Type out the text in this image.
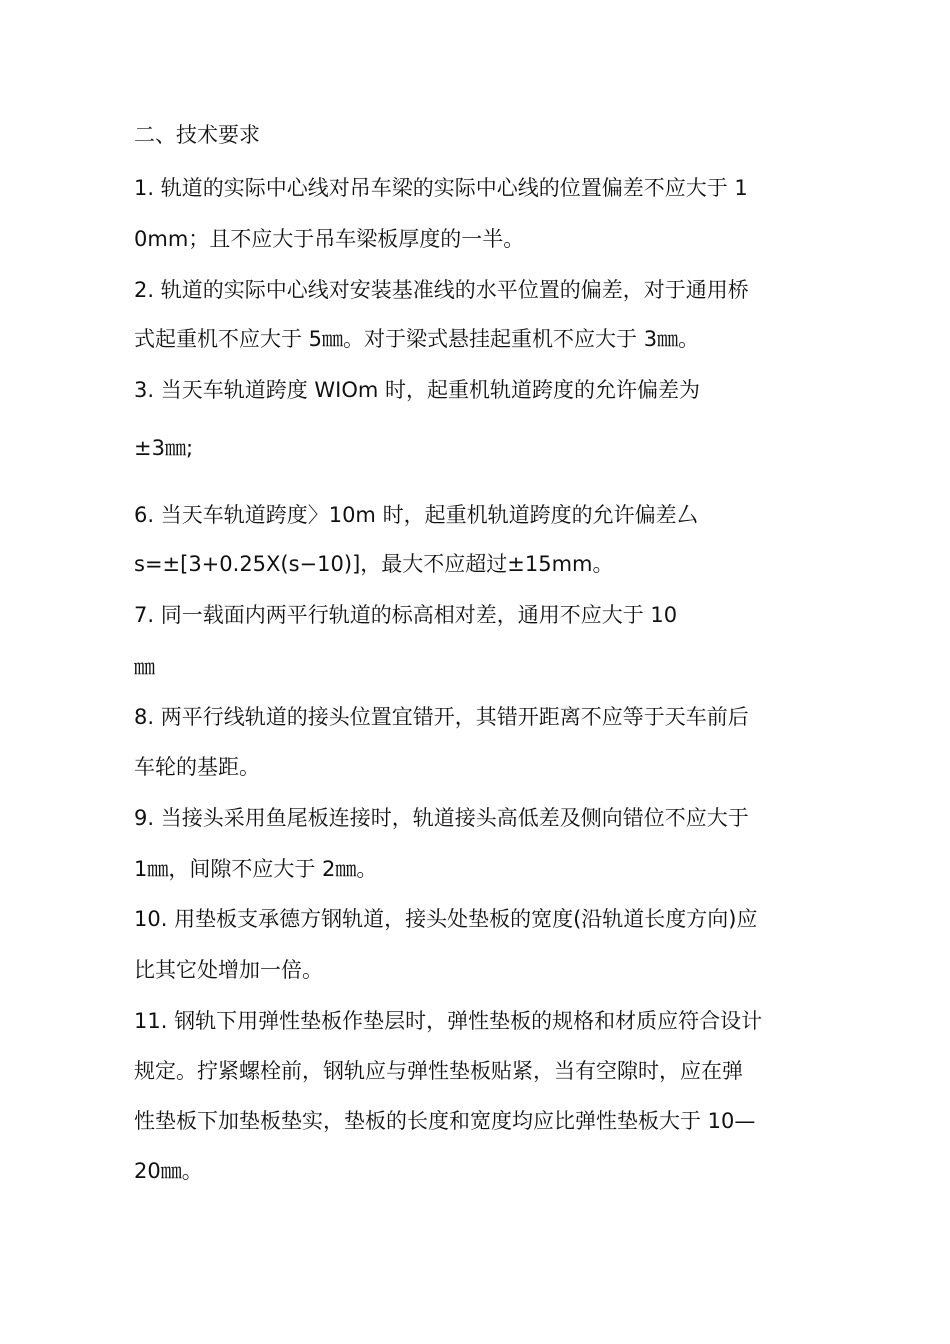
二、技术要求
1. 轨道的实际中心线对吊车梁的实际中心线的位置偏差不应大于 1
0mm；且不应大于吊车梁板厚度的一半。
2. 轨道的实际中心线对安装基准线的水平位置的偏差，对于通用桥
式起重机不应大于 5㎜。对于梁式悬挂起重机不应大于 3㎜。
3. 当天车轨道跨度 WIOm 时，起重机轨道跨度的允许偏差为
±3㎜;
6. 当天车轨道跨度〉10m 时，起重机轨道跨度的允许偏差厶
s=±[3+0.25X(s−10)]，最大不应超过±15mm。
7. 同一载面内两平行轨道的标高相对差，通用不应大于 10
㎜
8. 两平行线轨道的接头位置宜错开，其错开距离不应等于天车前后
车轮的基距。
9. 当接头采用鱼尾板连接时，轨道接头高低差及侧向错位不应大于
1㎜，间隙不应大于 2㎜。
10. 用垫板支承德方钢轨道，接头处垫板的宽度(沿轨道长度方向)应
比其它处增加一倍。
11. 钢轨下用弹性垫板作垫层时，弹性垫板的规格和材质应符合设计
规定。拧紧螺栓前，钢轨应与弹性垫板贴紧，当有空隙时，应在弹
性垫板下加垫板垫实，垫板的长度和宽度均应比弹性垫板大于 10—
20㎜。
